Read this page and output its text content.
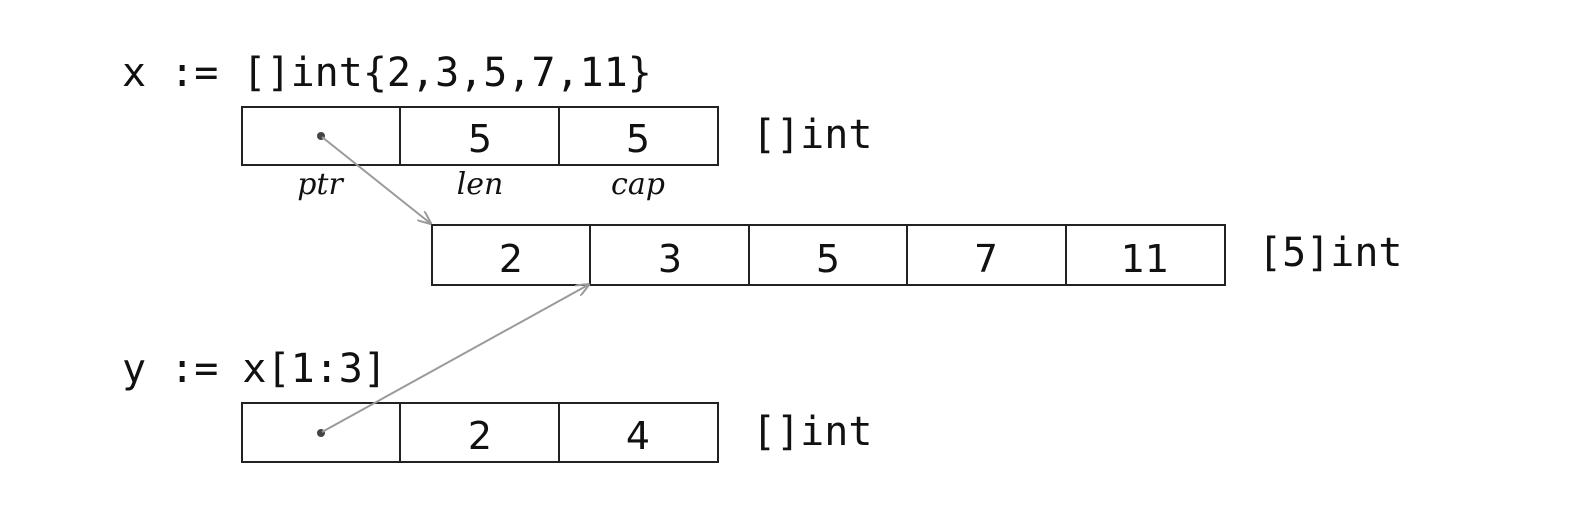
x := []int{2,3,5,7,11}
5	5	[]int
ptr	len	cap
2	3	5	7	11 [5]int
y := x[1:3]
2	4	[]int
